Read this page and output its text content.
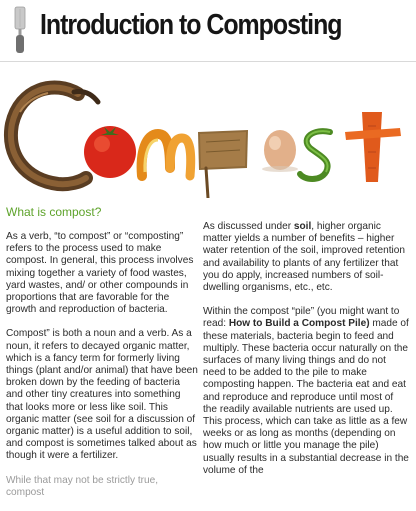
Introduction to Composting
What is compost?

As a verb, “to compost” or “composting” refers to the process used to make compost. In general, this process involves mixing together a variety of food wastes, yard wastes, and/ or other compounds in proportions that are favorable for the growth and reproduction of bacteria.

Compost” is both a noun and a verb. As a noun, it refers to decayed organic matter, which is a fancy term for formerly living things (plant and/or animal) that have been broken down by the feeding of bacteria and other tiny creatures into something that looks more or less like soil. This organic matter (see soil for a discussion of organic matter) is a useful addition to soil, and compost is sometimes talked about as though it were a fertilizer.

While that may not be strictly true, compost

As discussed under soil, higher organic matter yields a number of benefits – higher water retention of the soil, improved retention and availability to plants of any fertilizer that you do apply, increased numbers of soil-dwelling organisms, etc., etc.

Within the compost “pile” (you might want to read: How to Build a Compost Pile) made of these materials, bacteria begin to feed and multiply. These bacteria occur naturally on the surfaces of many living things and do not need to be added to the pile to make composting happen. The bacteria eat and eat and reproduce and reproduce until most of the readily available nutrients are used up. This process, which can take as little as a few weeks or as long as months (depending on how much or little you manage the pile) usually results in a substantial decrease in the volume of the
